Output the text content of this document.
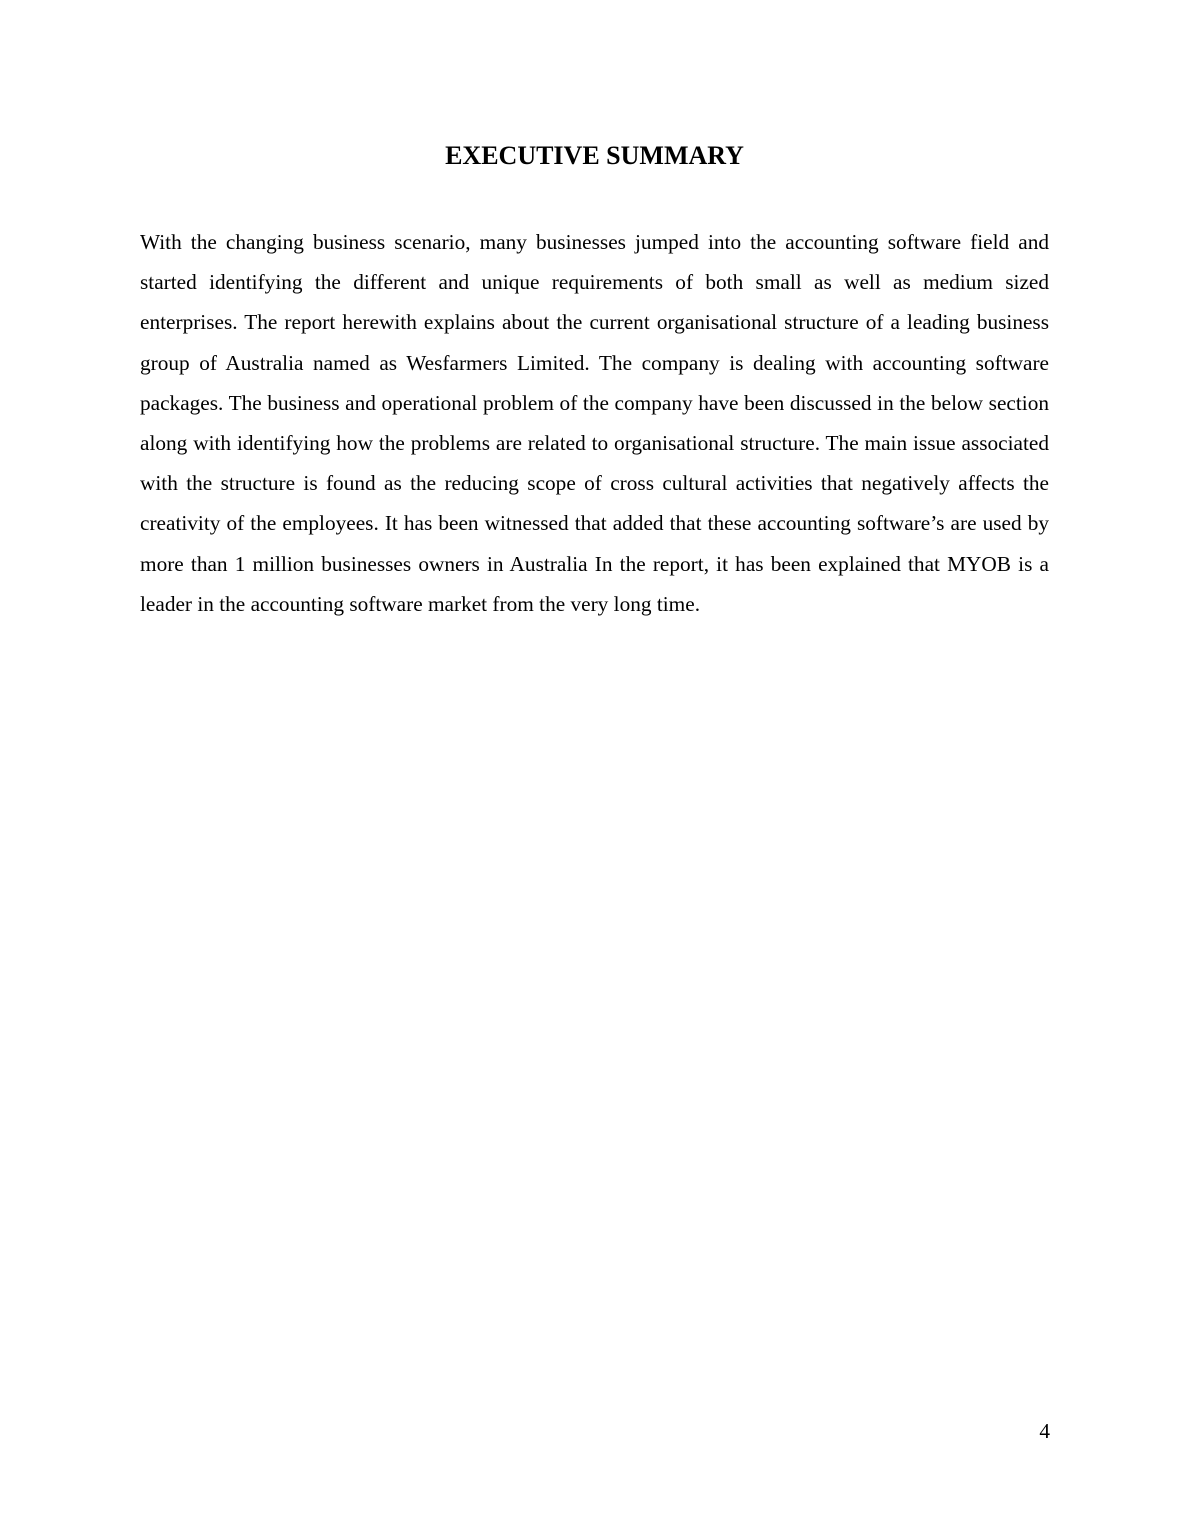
EXECUTIVE SUMMARY

With the changing business scenario, many businesses jumped into the accounting software field and started identifying the different and unique requirements of both small as well as medium sized enterprises. The report herewith explains about the current organisational structure of a leading business group of Australia named as Wesfarmers Limited. The company is dealing with accounting software packages. The business and operational problem of the company have been discussed in the below section along with identifying how the problems are related to organisational structure. The main issue associated with the structure is found as the reducing scope of cross cultural activities that negatively affects the creativity of the employees. It has been witnessed that added that these accounting software’s are used by more than 1 million businesses owners in Australia In the report, it has been explained that MYOB is a leader in the accounting software market from the very long time.

4
